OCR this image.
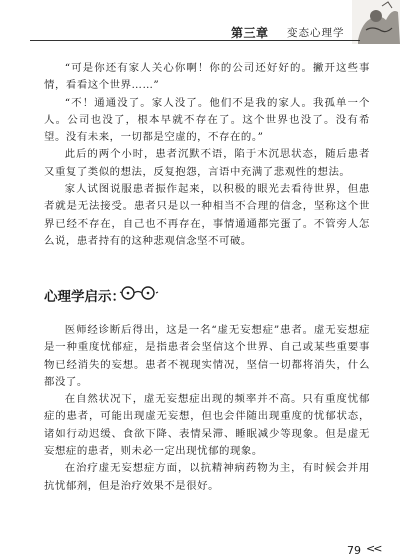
第三章 变态心理学

“可是你还有家人关心你啊！你的公司还好好的。撇开这些事情，看看这个世界……”

“不！通通没了。家人没了。他们不是我的家人。我孤单一个人。公司也没了，根本早就不存在了。这个世界也没了。没有希望。没有未来，一切都是空虚的，不存在的。”

此后的两个小时，患者沉默不语，陷于木沉思状态，随后患者又重复了类似的想法，反复抱怨，言语中充满了悲观性的想法。

家人试图说服患者振作起来，以积极的眼光去看待世界，但患者就是无法接受。患者只是以一种相当不合理的信念，坚称这个世界已经不存在，自己也不再存在，事情通通都完蛋了。不管旁人怎么说，患者持有的这种悲观信念坚不可破。

心理学启示：

医师经诊断后得出，这是一名“虚无妄想症”患者。虚无妄想症是一种重度忧郁症，是指患者会坚信这个世界、自己或某些重要事物已经消失的妄想。患者不视现实情况，坚信一切都将消失，什么都没了。

在自然状况下，虚无妄想症出现的频率并不高。只有重度忧郁症的患者，可能出现虚无妄想，但也会伴随出现重度的忧郁状态，诸如行动迟缓、食欲下降、表情呆滞、睡眠减少等现象。但是虚无妄想症的患者，则未必一定出现忧郁的现象。

在治疗虚无妄想症方面，以抗精神病药物为主，有时候会并用抗忧郁剂，但是治疗效果不是很好。

79 <<
